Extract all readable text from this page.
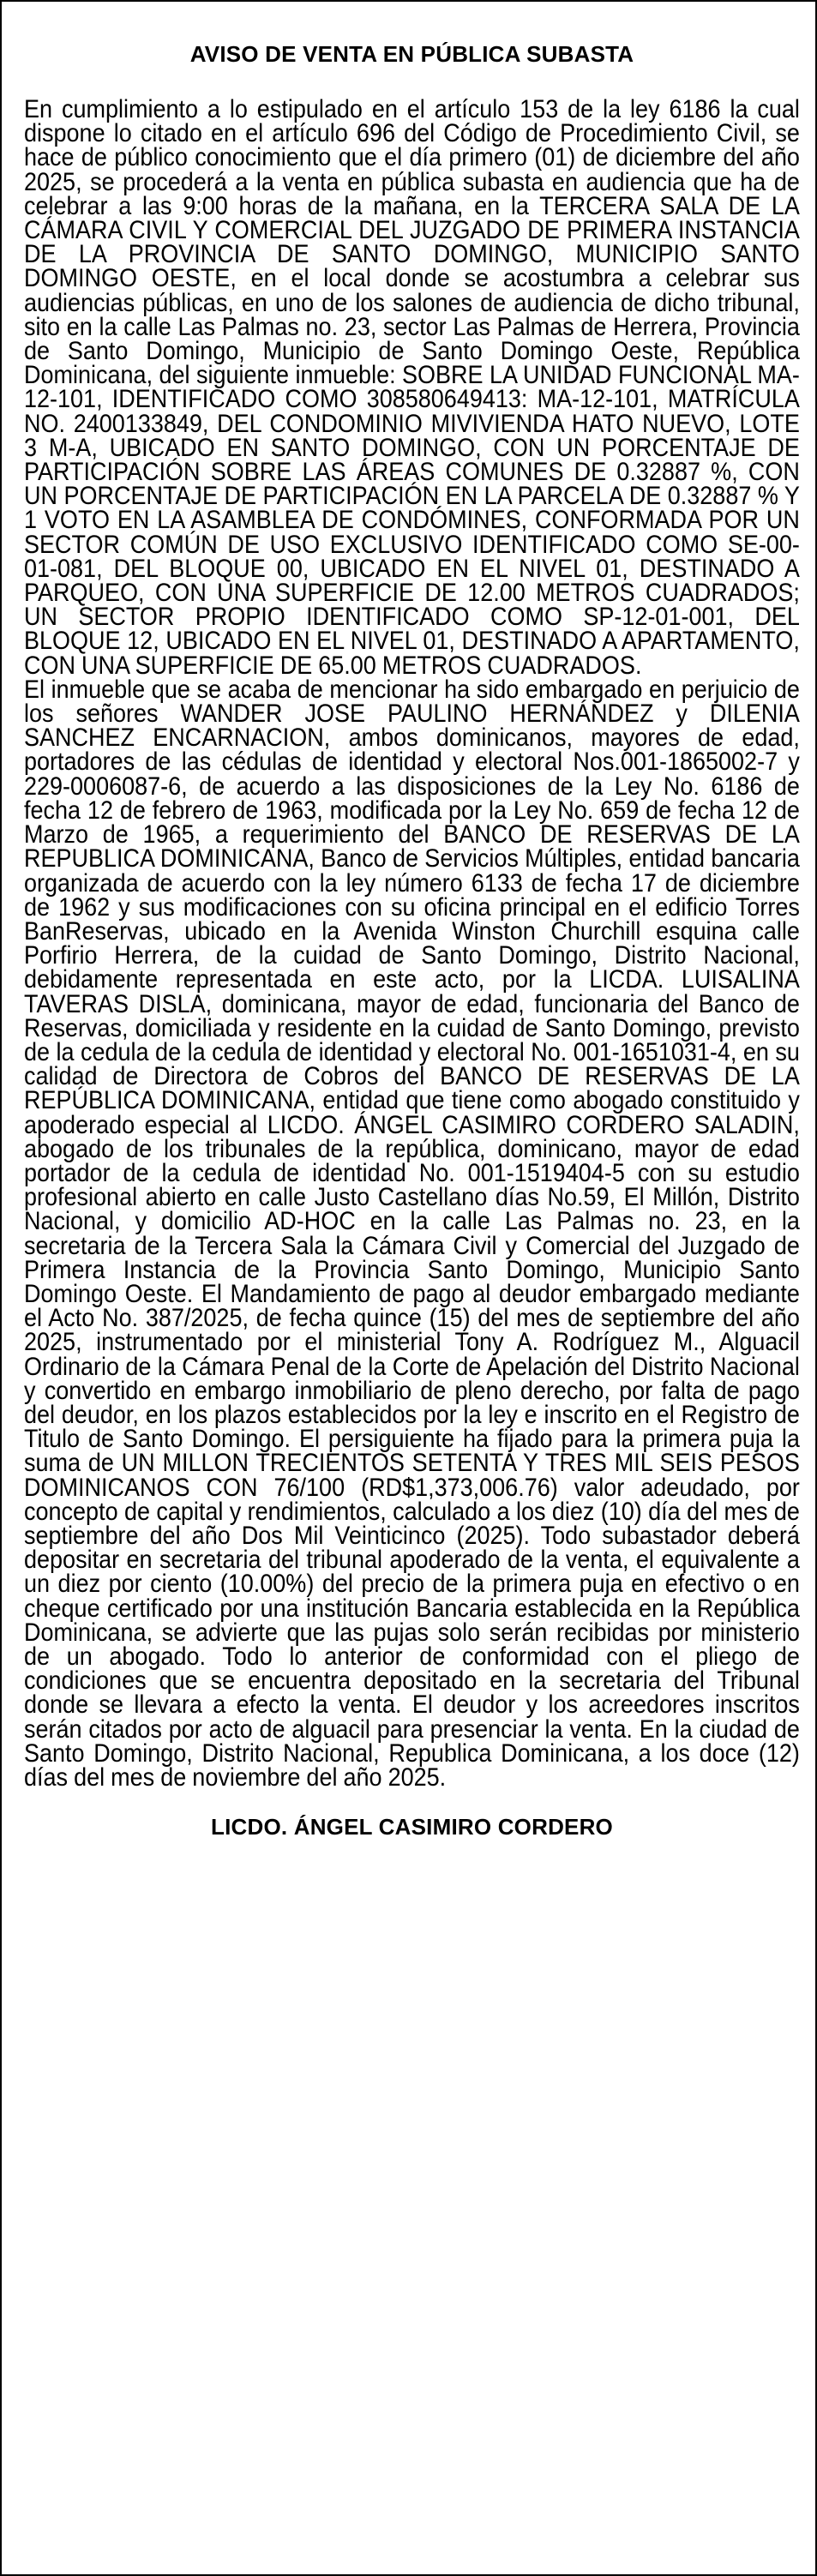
AVISO DE VENTA EN PÚBLICA SUBASTA

En cumplimiento a lo estipulado en el artículo 153 de la ley 6186 la cual dispone lo citado en el artículo 696 del Código de Procedimiento Civil, se hace de público conocimiento que el día primero (01) de diciembre del año 2025, se procederá a la venta en pública subasta en audiencia que ha de celebrar a las 9:00 horas de la mañana, en la TERCERA SALA DE LA CÁMARA CIVIL Y COMERCIAL DEL JUZGADO DE PRIMERA INSTANCIA DE LA PROVINCIA DE SANTO DOMINGO, MUNICIPIO SANTO DOMINGO OESTE, en el local donde se acostumbra a celebrar sus audiencias públicas, en uno de los salones de audiencia de dicho tribunal, sito en la calle Las Palmas no. 23, sector Las Palmas de Herrera, Provincia de Santo Domingo, Municipio de Santo Domingo Oeste, República Dominicana, del siguiente inmueble: SOBRE LA UNIDAD FUNCIONAL MA-12-101, IDENTIFICADO COMO 308580649413: MA-12-101, MATRÍCULA NO. 2400133849, DEL CONDOMINIO MIVIVIENDA HATO NUEVO, LOTE 3 M-A, UBICADO EN SANTO DOMINGO, CON UN PORCENTAJE DE PARTICIPACIÓN SOBRE LAS ÁREAS COMUNES DE 0.32887 %, CON UN PORCENTAJE DE PARTICIPACIÓN EN LA PARCELA DE 0.32887 % Y 1 VOTO EN LA ASAMBLEA DE CONDÓMINES, CONFORMADA POR UN SECTOR COMÚN DE USO EXCLUSIVO IDENTIFICADO COMO SE-00-01-081, DEL BLOQUE 00, UBICADO EN EL NIVEL 01, DESTINADO A PARQUEO, CON UNA SUPERFICIE DE 12.00 METROS CUADRADOS; UN SECTOR PROPIO IDENTIFICADO COMO SP-12-01-001, DEL BLOQUE 12, UBICADO EN EL NIVEL 01, DESTINADO A APARTAMENTO, CON UNA SUPERFICIE DE 65.00 METROS CUADRADOS.

El inmueble que se acaba de mencionar ha sido embargado en perjuicio de los señores WANDER JOSE PAULINO HERNÁNDEZ y DILENIA SANCHEZ ENCARNACION, ambos dominicanos, mayores de edad, portadores de las cédulas de identidad y electoral Nos.001-1865002-7 y 229-0006087-6, de acuerdo a las disposiciones de la Ley No. 6186 de fecha 12 de febrero de 1963, modificada por la Ley No. 659 de fecha 12 de Marzo de 1965, a requerimiento del BANCO DE RESERVAS DE LA REPUBLICA DOMINICANA, Banco de Servicios Múltiples, entidad bancaria organizada de acuerdo con la ley número 6133 de fecha 17 de diciembre de 1962 y sus modificaciones con su oficina principal en el edificio Torres BanReservas, ubicado en la Avenida Winston Churchill esquina calle Porfirio Herrera, de la cuidad de Santo Domingo, Distrito Nacional, debidamente representada en este acto, por la LICDA. LUISALINA TAVERAS DISLA, dominicana, mayor de edad, funcionaria del Banco de Reservas, domiciliada y residente en la cuidad de Santo Domingo, previsto de la cedula de la cedula de identidad y electoral No. 001-1651031-4, en su calidad de Directora de Cobros del BANCO DE RESERVAS DE LA REPÚBLICA DOMINICANA, entidad que tiene como abogado constituido y apoderado especial al LICDO. ÁNGEL CASIMIRO CORDERO SALADIN, abogado de los tribunales de la república, dominicano, mayor de edad portador de la cedula de identidad No. 001-1519404-5 con su estudio profesional abierto en calle Justo Castellano días No.59, El Millón, Distrito Nacional, y domicilio AD-HOC en la calle Las Palmas no. 23, en la secretaria de la Tercera Sala la Cámara Civil y Comercial del Juzgado de Primera Instancia de la Provincia Santo Domingo, Municipio Santo Domingo Oeste. El Mandamiento de pago al deudor embargado mediante el Acto No. 387/2025, de fecha quince (15) del mes de septiembre del año 2025, instrumentado por el ministerial Tony A. Rodríguez M., Alguacil Ordinario de la Cámara Penal de la Corte de Apelación del Distrito Nacional y convertido en embargo inmobiliario de pleno derecho, por falta de pago del deudor, en los plazos establecidos por la ley e inscrito en el Registro de Titulo de Santo Domingo. El persiguiente ha fijado para la primera puja la suma de UN MILLON TRECIENTOS SETENTA Y TRES MIL SEIS PESOS DOMINICANOS CON 76/100 (RD$1,373,006.76) valor adeudado, por concepto de capital y rendimientos, calculado a los diez (10) día del mes de septiembre del año Dos Mil Veinticinco (2025). Todo subastador deberá depositar en secretaria del tribunal apoderado de la venta, el equivalente a un diez por ciento (10.00%) del precio de la primera puja en efectivo o en cheque certificado por una institución Bancaria establecida en la República Dominicana, se advierte que las pujas solo serán recibidas por ministerio de un abogado. Todo lo anterior de conformidad con el pliego de condiciones que se encuentra depositado en la secretaria del Tribunal donde se llevara a efecto la venta. El deudor y los acreedores inscritos serán citados por acto de alguacil para presenciar la venta. En la ciudad de Santo Domingo, Distrito Nacional, Republica Dominicana, a los doce (12) días del mes de noviembre del año 2025.

LICDO. ÁNGEL CASIMIRO CORDERO
